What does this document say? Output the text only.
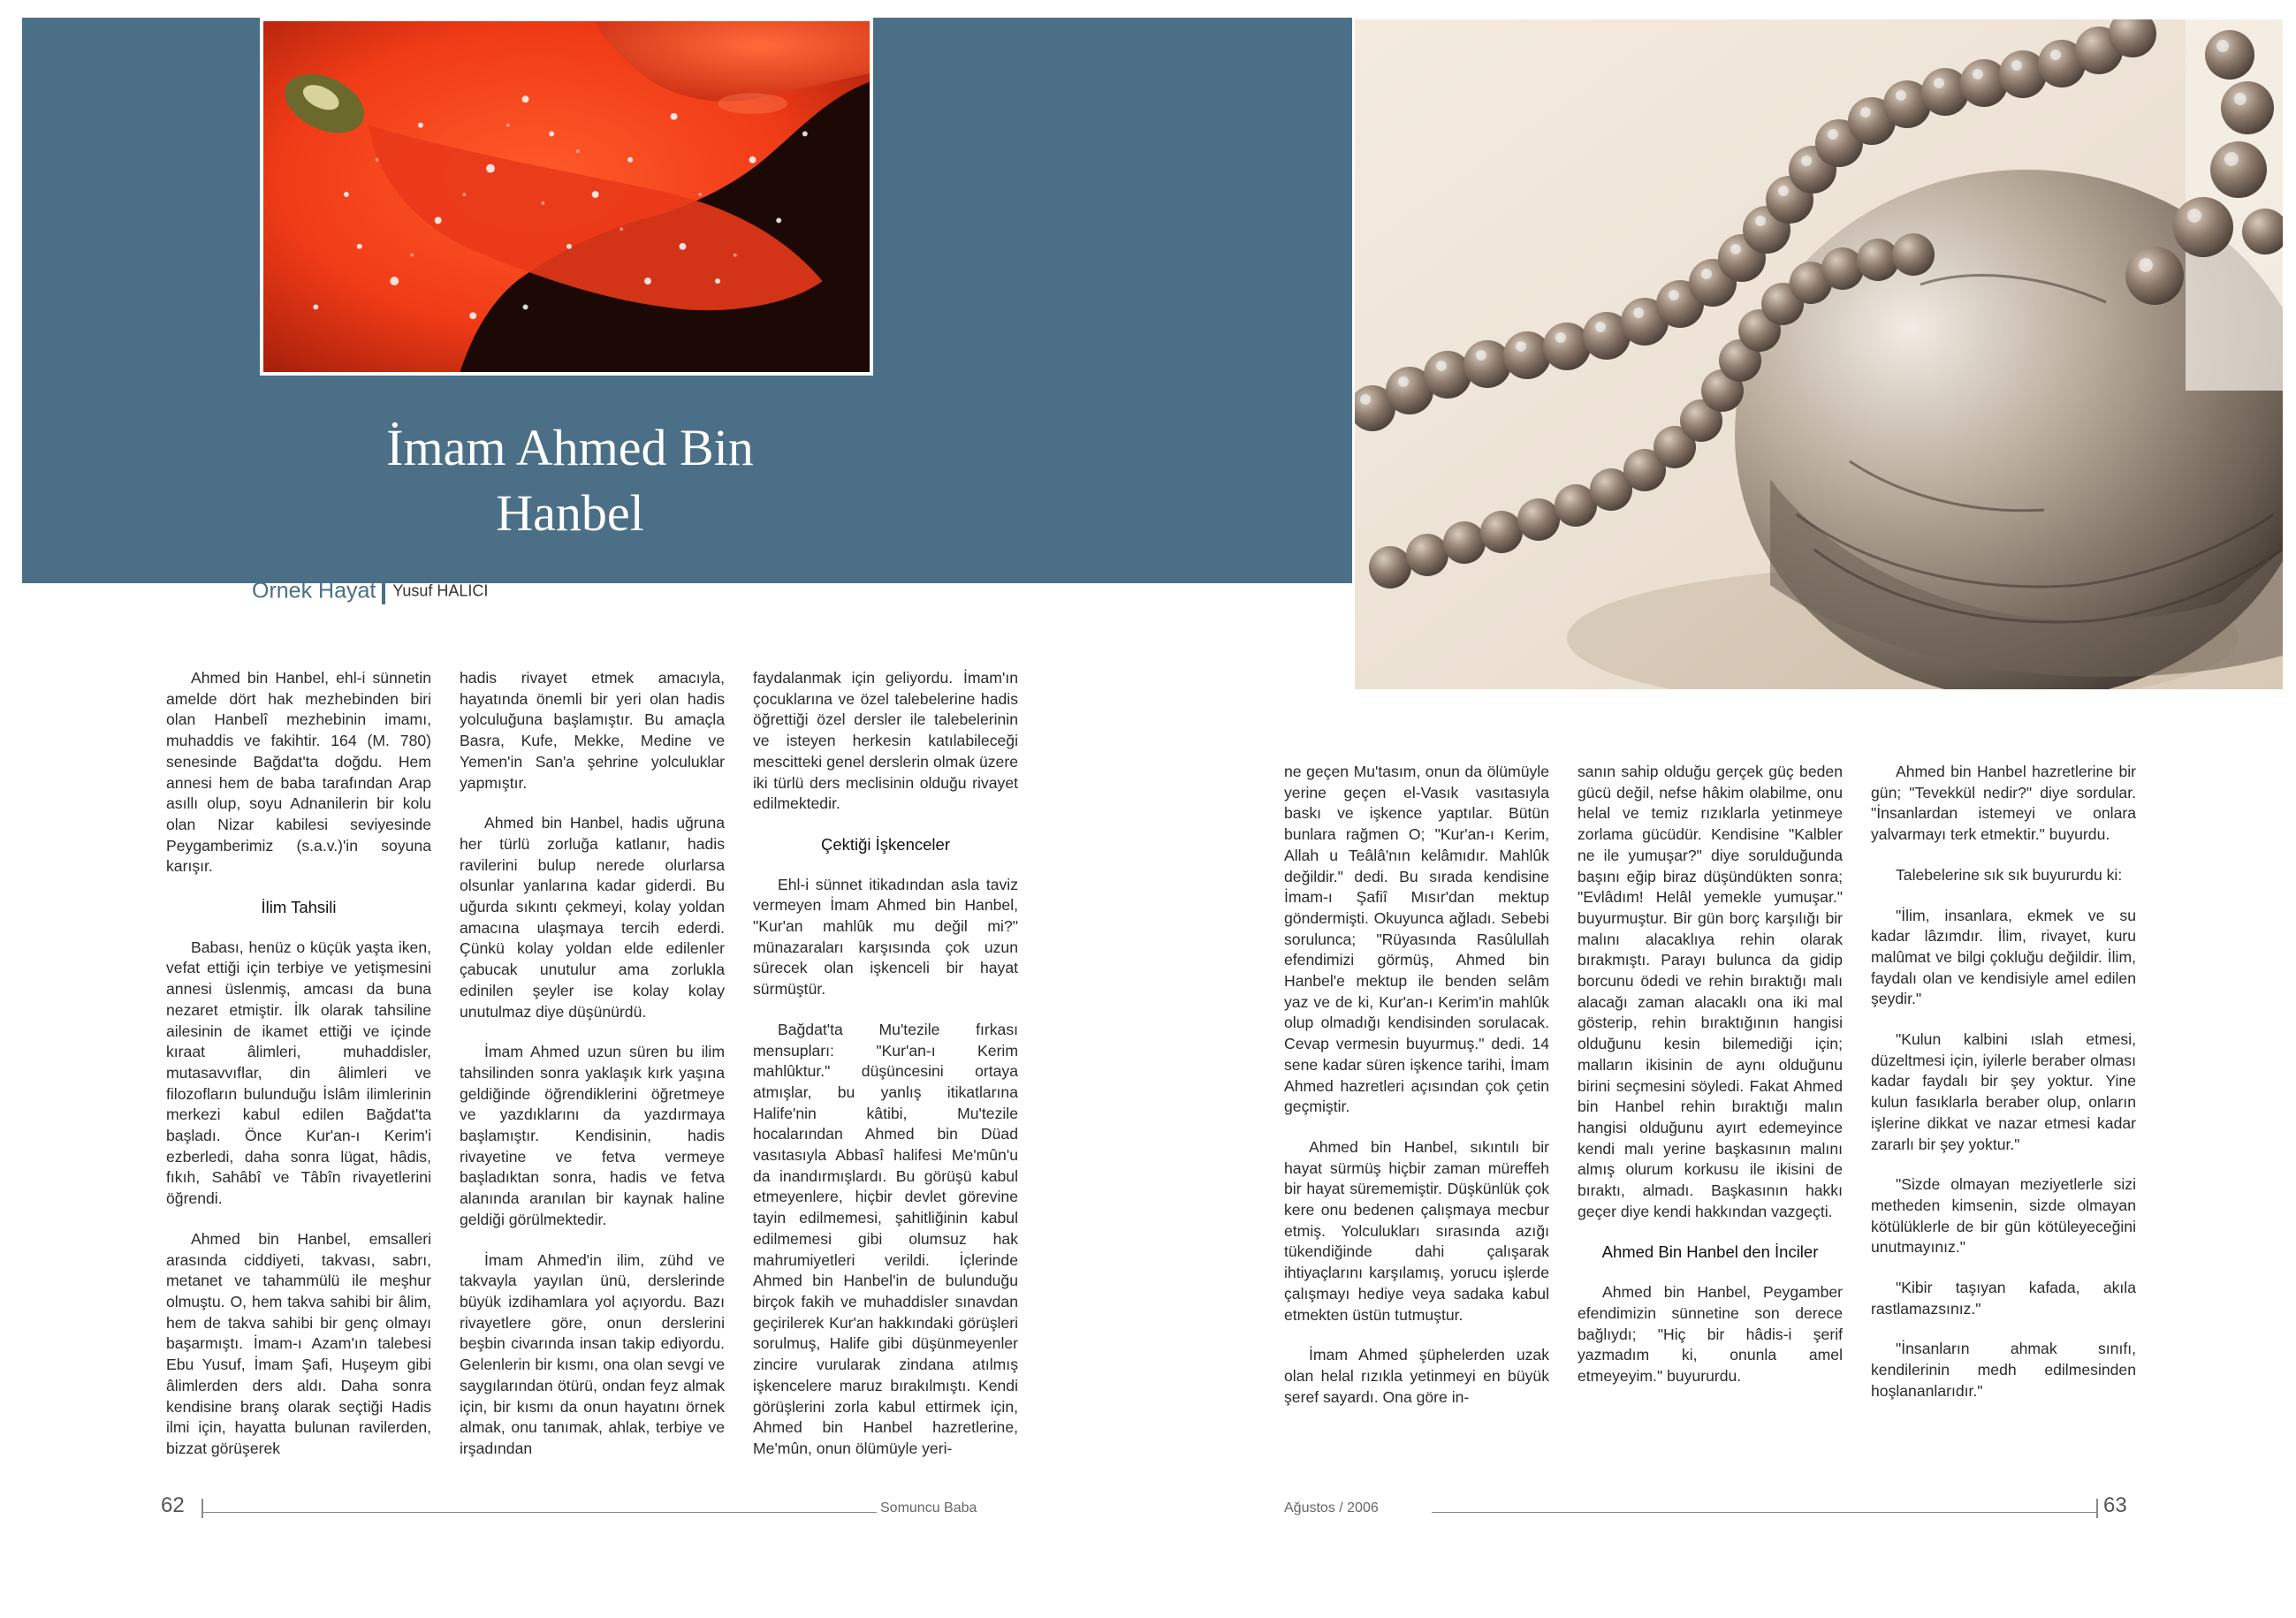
İmam Ahmed Bin
Hanbel
Örnek Hayat Yusuf HALICI

Ahmed bin Hanbel, ehl-i sünnetin amelde dört hak mezhebinden biri olan Hanbelî mezhebinin imamı, muhaddis ve fakihtir. 164 (M. 780) senesinde Bağdat'ta doğdu. Hem annesi hem de baba tarafından Arap asıllı olup, soyu Adnanilerin bir kolu olan Nizar kabilesi seviyesinde Peygamberimiz (s.a.v.)'in soyuna karışır.

İlim Tahsili

Babası, henüz o küçük yaşta iken, vefat ettiği için terbiye ve yetişmesini annesi üslenmiş, amcası da buna nezaret etmiştir. İlk olarak tahsiline ailesinin de ikamet ettiği ve içinde kıraat âlimleri, muhaddisler, mutasavvıflar, din âlimleri ve filozofların bulunduğu İslâm ilimlerinin merkezi kabul edilen Bağdat'ta başladı. Önce Kur'an-ı Kerim'i ezberledi, daha sonra lügat, hâdis, fıkıh, Sahâbî ve Tâbîn rivayetlerini öğrendi.

Ahmed bin Hanbel, emsalleri arasında ciddiyeti, takvası, sabrı, metanet ve tahammülü ile meşhur olmuştu. O, hem takva sahibi bir âlim, hem de takva sahibi bir genç olmayı başarmıştı. İmam-ı Azam'ın talebesi Ebu Yusuf, İmam Şafi, Huşeym gibi âlimlerden ders aldı. Daha sonra kendisine branş olarak seçtiği Hadis ilmi için, hayatta bulunan ravilerden, bizzat görüşerek

hadis rivayet etmek amacıyla, hayatında önemli bir yeri olan hadis yolculuğuna başlamıştır. Bu amaçla Basra, Kufe, Mekke, Medine ve Yemen'in San'a şehrine yolculuklar yapmıştır.

Ahmed bin Hanbel, hadis uğruna her türlü zorluğa katlanır, hadis ravilerini bulup nerede olurlarsa olsunlar yanlarına kadar giderdi. Bu uğurda sıkıntı çekmeyi, kolay yoldan amacına ulaşmaya tercih ederdi. Çünkü kolay yoldan elde edilenler çabucak unutulur ama zorlukla edinilen şeyler ise kolay kolay unutulmaz diye düşünürdü.

İmam Ahmed uzun süren bu ilim tahsilinden sonra yaklaşık kırk yaşına geldiğinde öğrendiklerini öğretmeye ve yazdıklarını da yazdırmaya başlamıştır. Kendisinin, hadis rivayetine ve fetva vermeye başladıktan sonra, hadis ve fetva alanında aranılan bir kaynak haline geldiği görülmektedir.

İmam Ahmed'in ilim, zühd ve takvayla yayılan ünü, derslerinde büyük izdihamlara yol açıyordu. Bazı rivayetlere göre, onun derslerini beşbin civarında insan takip ediyordu. Gelenlerin bir kısmı, ona olan sevgi ve saygılarından ötürü, ondan feyz almak için, bir kısmı da onun hayatını örnek almak, onu tanımak, ahlak, terbiye ve irşadından

faydalanmak için geliyordu. İmam'ın çocuklarına ve özel talebelerine hadis öğrettiği özel dersler ile talebelerinin ve isteyen herkesin katılabileceği mescitteki genel derslerin olmak üzere iki türlü ders meclisinin olduğu rivayet edilmektedir.

Çektiği İşkenceler

Ehl-i sünnet itikadından asla taviz vermeyen İmam Ahmed bin Hanbel, "Kur'an mahlûk mu değil mi?" münazaraları karşısında çok uzun sürecek olan işkenceli bir hayat sürmüştür.

Bağdat'ta Mu'tezile fırkası mensupları: "Kur'an-ı Kerim mahlûktur." düşüncesini ortaya atmışlar, bu yanlış itikatlarına Halife'nin kâtibi, Mu'tezile hocalarından Ahmed bin Düad vasıtasıyla Abbasî halifesi Me'mûn'u da inandırmışlardı. Bu görüşü kabul etmeyenlere, hiçbir devlet görevine tayin edilmemesi, şahitliğinin kabul edilmemesi gibi olumsuz hak mahrumiyetleri verildi. İçlerinde Ahmed bin Hanbel'in de bulunduğu birçok fakih ve muhaddisler sınavdan geçirilerek Kur'an hakkındaki görüşleri sorulmuş, Halife gibi düşünmeyenler zincire vurularak zindana atılmış işkencelere maruz bırakılmıştı. Kendi görüşlerini zorla kabul ettirmek için, Ahmed bin Hanbel hazretlerine, Me'mûn, onun ölümüyle yeri-

ne geçen Mu'tasım, onun da ölümüyle yerine geçen el-Vasık vasıtasıyla baskı ve işkence yaptılar. Bütün bunlara rağmen O; "Kur'an-ı Kerim, Allah u Teâlâ'nın kelâmıdır. Mahlûk değildir." dedi. Bu sırada kendisine İmam-ı Şafiî Mısır'dan mektup göndermişti. Okuyunca ağladı. Sebebi sorulunca; "Rüyasında Rasûlullah efendimizi görmüş, Ahmed bin Hanbel'e mektup ile benden selâm yaz ve de ki, Kur'an-ı Kerim'in mahlûk olup olmadığı kendisinden sorulacak. Cevap vermesin buyurmuş." dedi. 14 sene kadar süren işkence tarihi, İmam Ahmed hazretleri açısından çok çetin geçmiştir.

Ahmed bin Hanbel, sıkıntılı bir hayat sürmüş hiçbir zaman müreffeh bir hayat sürememiştir. Düşkünlük çok kere onu bedenen çalışmaya mecbur etmiş. Yolculukları sırasında azığı tükendiğinde dahi çalışarak ihtiyaçlarını karşılamış, yorucu işlerde çalışmayı hediye veya sadaka kabul etmekten üstün tutmuştur.

İmam Ahmed şüphelerden uzak olan helal rızıkla yetinmeyi en büyük şeref sayardı. Ona göre in-

sanın sahip olduğu gerçek güç beden gücü değil, nefse hâkim olabilme, onu helal ve temiz rızıklarla yetinmeye zorlama gücüdür. Kendisine "Kalbler ne ile yumuşar?" diye sorulduğunda başını eğip biraz düşündükten sonra; "Evlâdım! Helâl yemekle yumuşar." buyurmuştur. Bir gün borç karşılığı bir malını alacaklıya rehin olarak bırakmıştı. Parayı bulunca da gidip borcunu ödedi ve rehin bıraktığı malı alacağı zaman alacaklı ona iki mal gösterip, rehin bıraktığının hangisi olduğunu kesin bilemediği için; malların ikisinin de aynı olduğunu birini seçmesini söyledi. Fakat Ahmed bin Hanbel rehin bıraktığı malın hangisi olduğunu ayırt edemeyince kendi malı yerine başkasının malını almış olurum korkusu ile ikisini de bıraktı, almadı. Başkasının hakkı geçer diye kendi hakkından vazgeçti.

Ahmed Bin Hanbel den İnciler

Ahmed bin Hanbel, Peygamber efendimizin sünnetine son derece bağlıydı; "Hiç bir hâdis-i şerif yazmadım ki, onunla amel etmeyeyim." buyururdu.

Ahmed bin Hanbel hazretlerine bir gün; "Tevekkül nedir?" diye sordular. "İnsanlardan istemeyi ve onlara yalvarmayı terk etmektir." buyurdu.

Talebelerine sık sık buyururdu ki:

"İlim, insanlara, ekmek ve su kadar lâzımdır. İlim, rivayet, kuru malûmat ve bilgi çokluğu değildir. İlim, faydalı olan ve kendisiyle amel edilen şeydir."

"Kulun kalbini ıslah etmesi, düzeltmesi için, iyilerle beraber olması kadar faydalı bir şey yoktur. Yine kulun fasıklarla beraber olup, onların işlerine dikkat ve nazar etmesi kadar zararlı bir şey yoktur."

"Sizde olmayan meziyetlerle sizi metheden kimsenin, sizde olmayan kötülüklerle de bir gün kötüleyeceğini unutmayınız."

"Kibir taşıyan kafada, akıla rastlamazsınız."

"İnsanların ahmak sınıfı, kendilerinin medh edilmesinden hoşlananlarıdır."

62	Somuncu Baba	Ağustos / 2006	63
